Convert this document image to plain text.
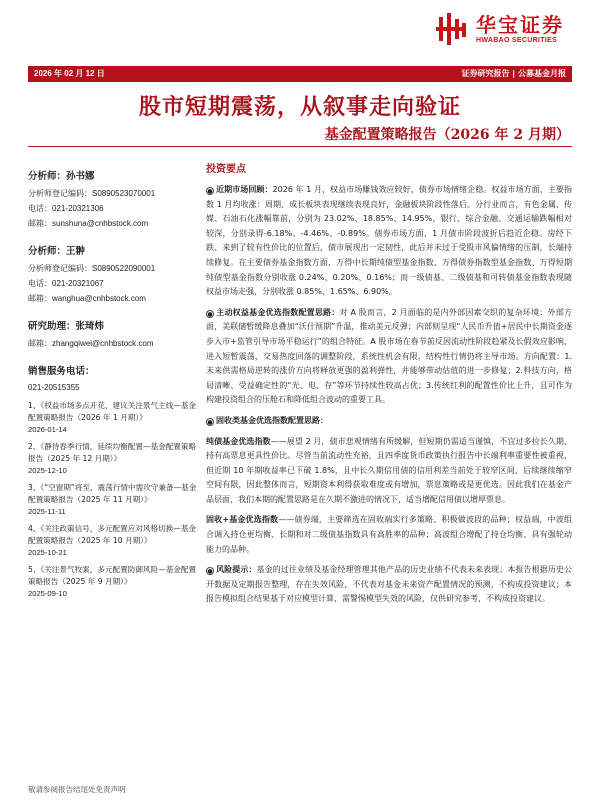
华宝证券
HWABAO SECURITIES
2026 年 02 月 12 日	证券研究报告 | 公募基金月报
股市短期震荡，从叙事走向验证
基金配置策略报告（2026 年 2 月期）
分析师：孙书娜
分析师登记编码：S0890523070001
电话：021-20321306
邮箱：sunshuna@cnhbstock.com
分析师：王翀
分析师登记编码：S0890522090001
电话：021-20321067
邮箱：wanghua@cnhbstock.com
研究助理：张琦炜
邮箱：zhangqiwei@cnhbstock.com
销售服务电话：
021-20515355
1、《权益市场多点开花，建议关注景气主线—基金配置策略报告（2026 年 1 月期）》
2026-01-14
2、《静待春季行情，延续均衡配置—基金配置策略报告（2025 年 12 月期）》
2025-12-10
3、《“空窗期”将至，震荡行情中需攻守兼备—基金配置策略报告（2025 年 11 月期）》
2025-11-11
4、《关注政策信号，多元配置应对风格切换—基金配置策略报告（2025 年 10 月期）》
2025-10-21
5、《关注景气牧案，多元配置防御风险—基金配置策略报告（2025 年 9 月期）》
2025-09-10
投资要点

● 近期市场回顾：2026 年 1 月，权益市场赚钱效应较好，债券市场情绪企稳。权益市场方面，主要指数 1 月均收涨：周期、成长板块表现继续表现良好，金融板块阶段性落后。分行业而言，有色金属、传媒、石油石化涨幅靠前，分别为 23.02%、18.85%、14.95%，银行、综合金融、交通运输跌幅相对较深，分别录得-6.18%、-4.46%、-0.89%。债券市场方面，1 月债市阶段波折后趋近企稳。房经下跌、来到了较有性价比的位置后，债市展现出一定韧性，此后并未过于受股市风偏情绪的压制，长端持续修复。在主要债券基金指数方面，万得中长期纯债型基金指数、万得债券指数型基金指数、万得短期纯债型基金指数分别收涨 0.24%、0.20%、0.16%；而一级债基、二级债基和可转债基金指数表现随权益市场走强，分别收涨 0.85%、1.65%、6.90%。

● 主动权益基金优选指数配置思路：对 A 股而言，2 月面临的是内外部因素交织的复杂环境：外部方面，美联储暂缓降息叠加“沃什预期”升温，推动美元反弹；内部则呈现“人民币升值+居民中长期资金逐步入市+监管引导市场平稳运行”的组合特征。A 股市场在春节前反因流动性阶段趋紧及长假效应影响，进入短暂震荡，交易热度回落的调整阶段，系统性机会有限，结构性行情仍将主导市场。方向配置：1.未来供需格局逆转的涨价方向将释放更强的盈利弹性，并能够带动估值的进一步修复；2.科技方向，格局清晰、受益确定性的“光、电、存”等环节持续性较高占优；3.传统红利的配置性价比上升，且可作为构建投资组合的压舱石和降低组合波动的重要工具。

● 固收类基金优选指数配置思路：

纯债基金优选指数——展望 2 月，债市悲观情绪有所缓解，但短期仍需适当谨慎，不宜过多拉长久期，持有高票息更具性价比。尽管当前流动性充裕，且四季度货币政策执行报告中长端利率重要性被重视，但近期 10 年期收益率已下破 1.8%，且中长久期信用债的信用利差当前处于较窄区间、后续继续缩窄空间有限，因此整体而言，短期资本利得获取难度或有增加，票息策略或是更优选。因此我们在基金产品层面，我们本期的配置思路是在久期不激进的情况下，适当增配信用债以增厚票息。

固收+基金优选指数——债券端，主要筛选在固收端实行多策略、积极做波段的品种；权益端，中波组合调入持仓更均衡、长期和对二级债基指数具有高胜率的品种；高波组合增配了持仓均衡、具有强轮动能力的品种。

● 风险提示：基金的过往业绩及基金经理管理其他产品的历史业绩不代表未来表现；本报告根据历史公开数据及定期报告整理，存在失效风险，不代表对基金未来资产配置情况的预测，不构成投资建议；本报告模拟组合结果基于对应模型计算，需警惕模型失效的风险，仅供研究参考，不构成投资建议。

敬请参阅报告结尾处免责声明
